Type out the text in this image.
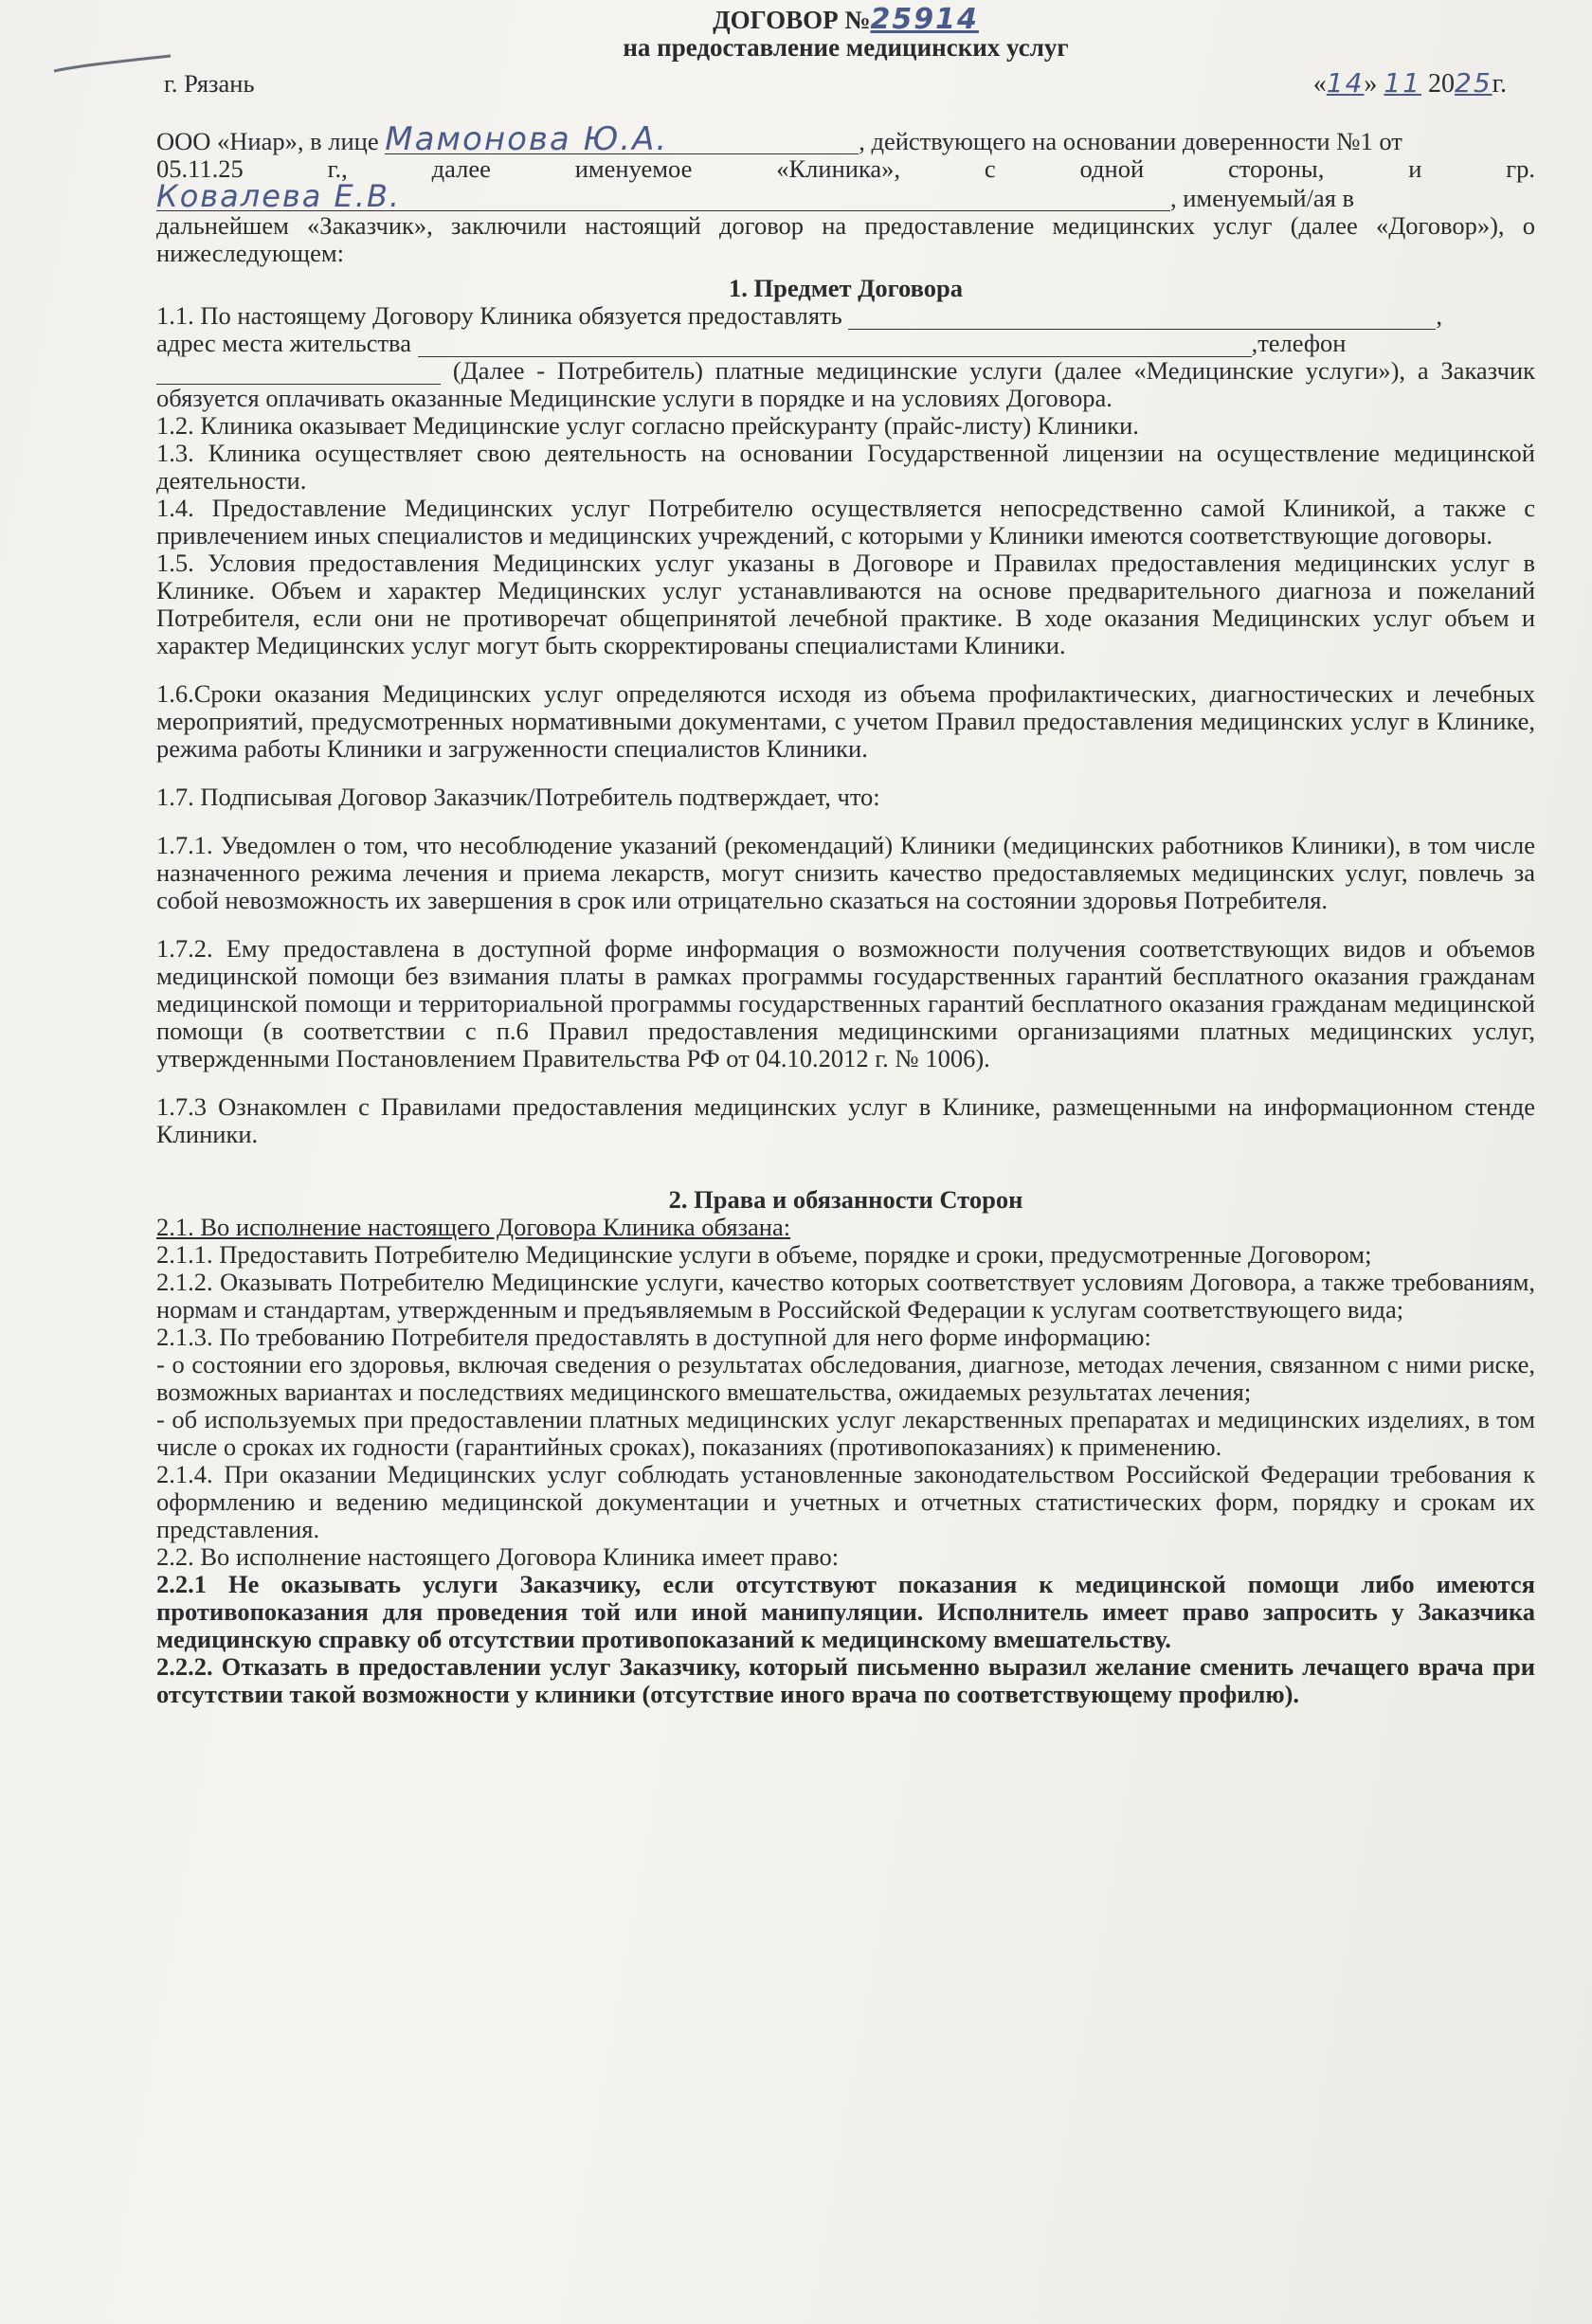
ДОГОВОР №25914

на предоставление медицинских услуг

г. Рязань	«14» 11 2025г.

ООО «Ниар», в лице Мамонова Ю.А.	, действующего на основании доверенности №1 от

05.11.25 г., далее именуемое «Клиника», с одной стороны, и гр.

Ковалева Е.В.	, именуемый/ая в

дальнейшем «Заказчик», заключили настоящий договор на предоставление медицинских услуг (далее «Договор»), о нижеследующем:

1. Предмет Договора

1.1. По настоящему Договору Клиника обязуется предоставлять	,

адрес места жительства	,телефон

(Далее - Потребитель) платные медицинские услуги (далее «Медицинские услуги»), а Заказчик обязуется оплачивать оказанные Медицинские услуги в порядке и на условиях Договора.

1.2. Клиника оказывает Медицинские услуг согласно прейскуранту (прайс-листу) Клиники.

1.3. Клиника осуществляет свою деятельность на основании Государственной лицензии на осуществление медицинской деятельности.

1.4. Предоставление Медицинских услуг Потребителю осуществляется непосредственно самой Клиникой, а также с привлечением иных специалистов и медицинских учреждений, с которыми у Клиники имеются соответствующие договоры.

1.5. Условия предоставления Медицинских услуг указаны в Договоре и Правилах предоставления медицинских услуг в Клинике. Объем и характер Медицинских услуг устанавливаются на основе предварительного диагноза и пожеланий Потребителя, если они не противоречат общепринятой лечебной практике. В ходе оказания Медицинских услуг объем и характер Медицинских услуг могут быть скорректированы специалистами Клиники.

1.6.Сроки оказания Медицинских услуг определяются исходя из объема профилактических, диагностических и лечебных мероприятий, предусмотренных нормативными документами, с учетом Правил предоставления медицинских услуг в Клинике, режима работы Клиники и загруженности специалистов Клиники.

1.7. Подписывая Договор Заказчик/Потребитель подтверждает, что:

1.7.1. Уведомлен о том, что несоблюдение указаний (рекомендаций) Клиники (медицинских работников Клиники), в том числе назначенного режима лечения и приема лекарств, могут снизить качество предоставляемых медицинских услуг, повлечь за собой невозможность их завершения в срок или отрицательно сказаться на состоянии здоровья Потребителя.

1.7.2. Ему предоставлена в доступной форме информация о возможности получения соответствующих видов и объемов медицинской помощи без взимания платы в рамках программы государственных гарантий бесплатного оказания гражданам медицинской помощи и территориальной программы государственных гарантий бесплатного оказания гражданам медицинской помощи (в соответствии с п.6 Правил предоставления медицинскими организациями платных медицинских услуг, утвержденными Постановлением Правительства РФ от 04.10.2012 г. № 1006).

1.7.3 Ознакомлен с Правилами предоставления медицинских услуг в Клинике, размещенными на информационном стенде Клиники.

2. Права и обязанности Сторон

2.1. Во исполнение настоящего Договора Клиника обязана:

2.1.1. Предоставить Потребителю Медицинские услуги в объеме, порядке и сроки, предусмотренные Договором;

2.1.2. Оказывать Потребителю Медицинские услуги, качество которых соответствует условиям Договора, а также требованиям, нормам и стандартам, утвержденным и предъявляемым в Российской Федерации к услугам соответствующего вида;

2.1.3. По требованию Потребителя предоставлять в доступной для него форме информацию:

- о состоянии его здоровья, включая сведения о результатах обследования, диагнозе, методах лечения, связанном с ними риске, возможных вариантах и последствиях медицинского вмешательства, ожидаемых результатах лечения;

- об используемых при предоставлении платных медицинских услуг лекарственных препаратах и медицинских изделиях, в том числе о сроках их годности (гарантийных сроках), показаниях (противопоказаниях) к применению.

2.1.4. При оказании Медицинских услуг соблюдать установленные законодательством Российской Федерации требования к оформлению и ведению медицинской документации и учетных и отчетных статистических форм, порядку и срокам их представления.

2.2. Во исполнение настоящего Договора Клиника имеет право:

2.2.1 Не оказывать услуги Заказчику, если отсутствуют показания к медицинской помощи либо имеются противопоказания для проведения той или иной манипуляции. Исполнитель имеет право запросить у Заказчика медицинскую справку об отсутствии противопоказаний к медицинскому вмешательству.

2.2.2. Отказать в предоставлении услуг Заказчику, который письменно выразил желание сменить лечащего врача при отсутствии такой возможности у клиники (отсутствие иного врача по соответствующему профилю).
